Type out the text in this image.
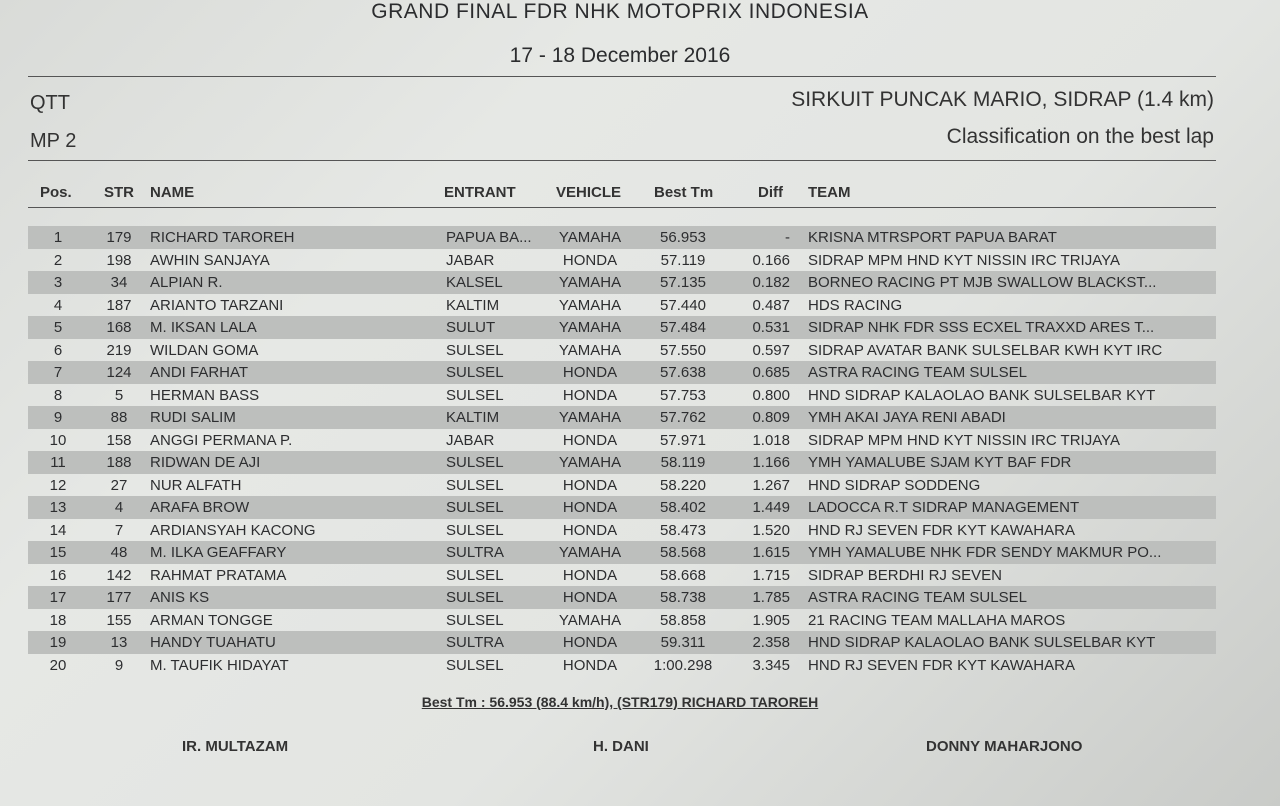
GRAND FINAL FDR NHK MOTOPRIX INDONESIA
17 - 18 December 2016
QTT
MP 2
SIRKUIT PUNCAK MARIO, SIDRAP (1.4 km)
Classification on the best lap
Pos. STR NAME	ENTRANT	VEHICLE Best Tm	Diff TEAM
1	179	RICHARD TAROREH	PAPUA BA...	YAMAHA	56.953	- KRISNA MTRSPORT PAPUA BARAT
2	198	AWHIN SANJAYA	JABAR	HONDA	57.119	0.166 SIDRAP MPM HND KYT NISSIN IRC TRIJAYA
3	34	ALPIAN R.	KALSEL	YAMAHA	57.135	0.182 BORNEO RACING PT MJB SWALLOW BLACKST...
4	187	ARIANTO TARZANI	KALTIM	YAMAHA	57.440	0.487 HDS RACING
5	168	M. IKSAN LALA	SULUT	YAMAHA	57.484	0.531 SIDRAP NHK FDR SSS ECXEL TRAXXD ARES T...
6	219	WILDAN GOMA	SULSEL	YAMAHA	57.550	0.597 SIDRAP AVATAR BANK SULSELBAR KWH KYT IRC
7	124	ANDI FARHAT	SULSEL	HONDA	57.638	0.685 ASTRA RACING TEAM SULSEL
8	5	HERMAN BASS	SULSEL	HONDA	57.753	0.800 HND SIDRAP KALAOLAO BANK SULSELBAR KYT
9	88	RUDI SALIM	KALTIM	YAMAHA	57.762	0.809 YMH AKAI JAYA RENI ABADI
10	158	ANGGI PERMANA P.	JABAR	HONDA	57.971	1.018 SIDRAP MPM HND KYT NISSIN IRC TRIJAYA
11	188	RIDWAN DE AJI	SULSEL	YAMAHA	58.119	1.166 YMH YAMALUBE SJAM KYT BAF FDR
12	27	NUR ALFATH	SULSEL	HONDA	58.220	1.267 HND SIDRAP SODDENG
13	4	ARAFA BROW	SULSEL	HONDA	58.402	1.449 LADOCCA R.T SIDRAP MANAGEMENT
14	7	ARDIANSYAH KACONG	SULSEL	HONDA	58.473	1.520 HND RJ SEVEN FDR KYT KAWAHARA
15	48	M. ILKA GEAFFARY	SULTRA	YAMAHA	58.568	1.615 YMH YAMALUBE NHK FDR SENDY MAKMUR PO...
16	142	RAHMAT PRATAMA	SULSEL	HONDA	58.668	1.715 SIDRAP BERDHI RJ SEVEN
17	177	ANIS KS	SULSEL	HONDA	58.738	1.785 ASTRA RACING TEAM SULSEL
18	155	ARMAN TONGGE	SULSEL	YAMAHA	58.858	1.905 21 RACING TEAM MALLAHA MAROS
19	13	HANDY TUAHATU	SULTRA	HONDA	59.311	2.358 HND SIDRAP KALAOLAO BANK SULSELBAR KYT
20	9	M. TAUFIK HIDAYAT	SULSEL	HONDA	1:00.298	3.345 HND RJ SEVEN FDR KYT KAWAHARA
Best Tm : 56.953 (88.4 km/h), (STR179) RICHARD TAROREH
IR. MULTAZAM	H. DANI	DONNY MAHARJONO
